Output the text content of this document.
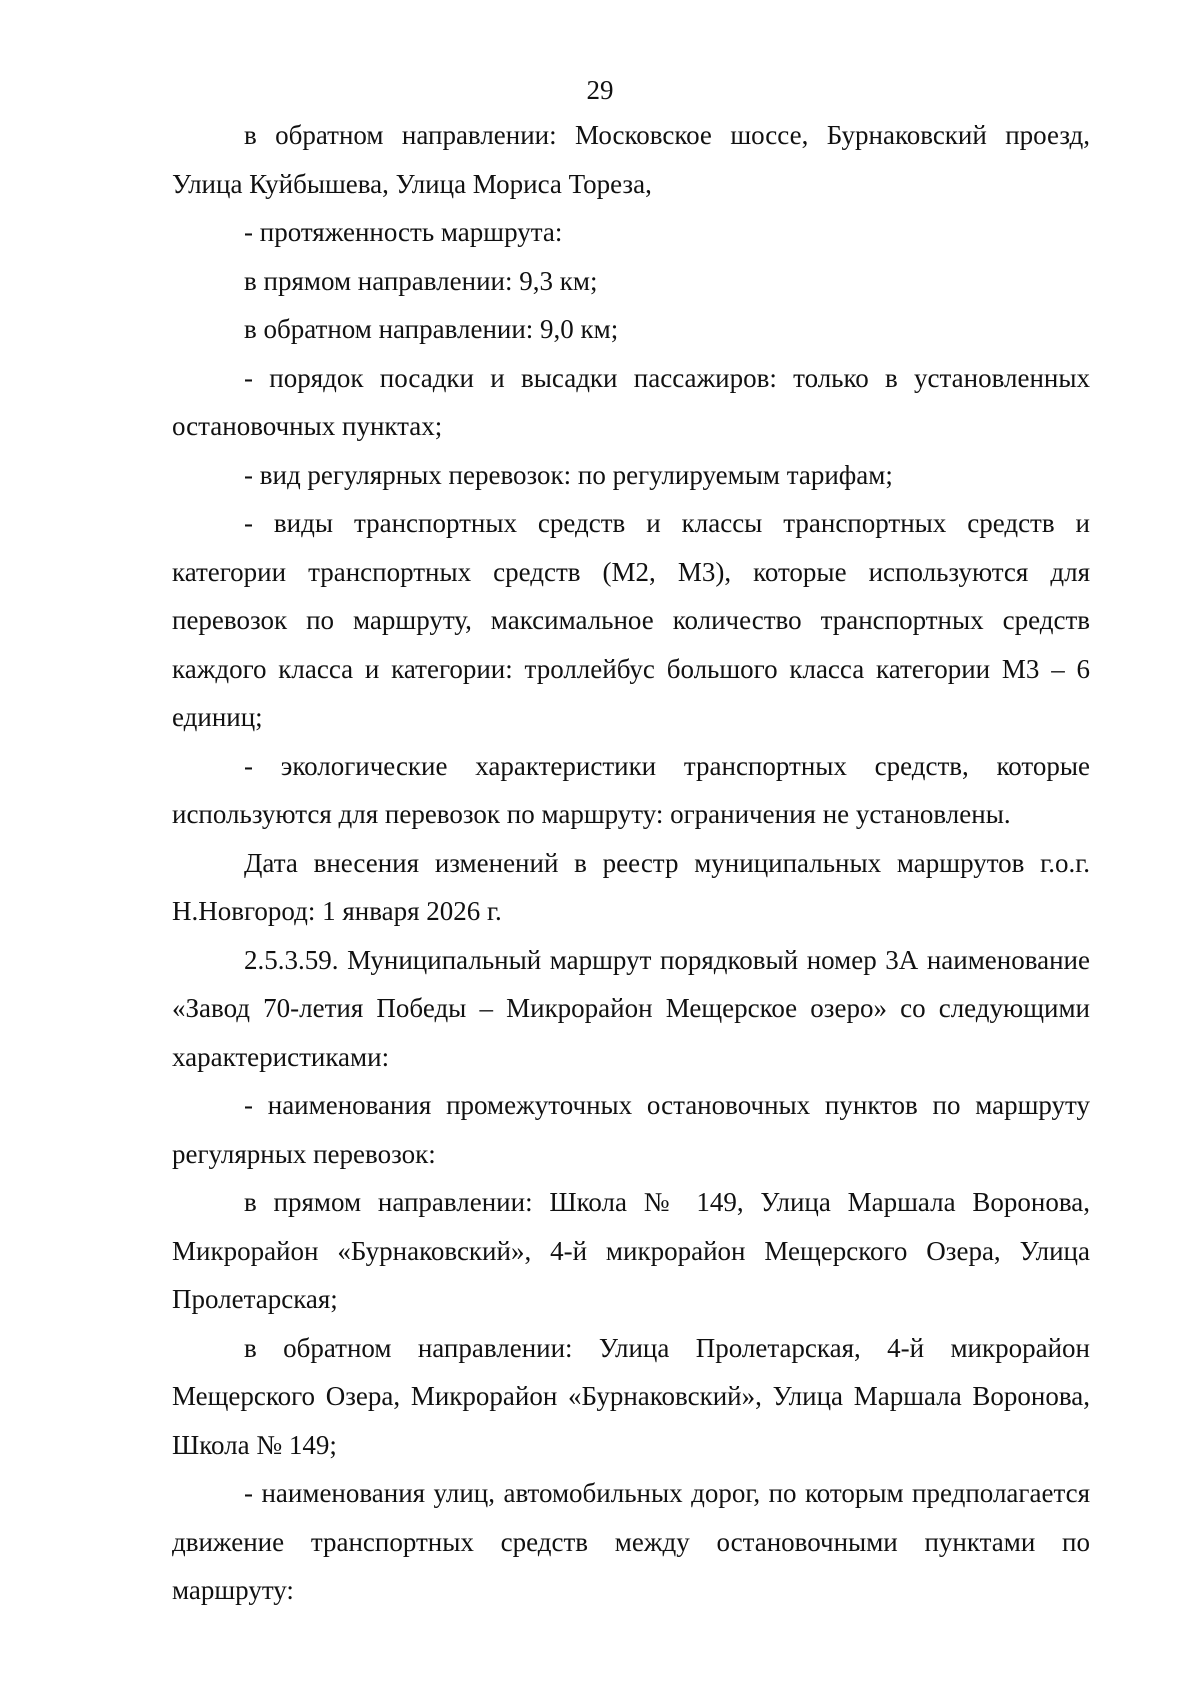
29

в обратном направлении: Московское шоссе, Бурнаковский проезд, Улица Куйбышева, Улица Мориса Тореза,

- протяженность маршрута:

в прямом направлении: 9,3 км;

в обратном направлении: 9,0 км;

- порядок посадки и высадки пассажиров: только в установленных остановочных пунктах;

- вид регулярных перевозок: по регулируемым тарифам;

- виды транспортных средств и классы транспортных средств и категории транспортных средств (М2, М3), которые используются для перевозок по маршруту, максимальное количество транспортных средств каждого класса и категории: троллейбус большого класса категории М3 – 6 единиц;

- экологические характеристики транспортных средств, которые используются для перевозок по маршруту: ограничения не установлены.

Дата внесения изменений в реестр муниципальных маршрутов г.о.г. Н.Новгород: 1 января 2026 г.

2.5.3.59. Муниципальный маршрут порядковый номер 3А наименование «Завод 70-летия Победы – Микрорайон Мещерское озеро» со следующими характеристиками:

- наименования промежуточных остановочных пунктов по маршруту регулярных перевозок:

в прямом направлении: Школа № 149, Улица Маршала Воронова, Микрорайон «Бурнаковский», 4-й микрорайон Мещерского Озера, Улица Пролетарская;

в обратном направлении: Улица Пролетарская, 4-й микрорайон Мещерского Озера, Микрорайон «Бурнаковский», Улица Маршала Воронова, Школа № 149;

- наименования улиц, автомобильных дорог, по которым предполагается движение транспортных средств между остановочными пунктами по маршруту:
